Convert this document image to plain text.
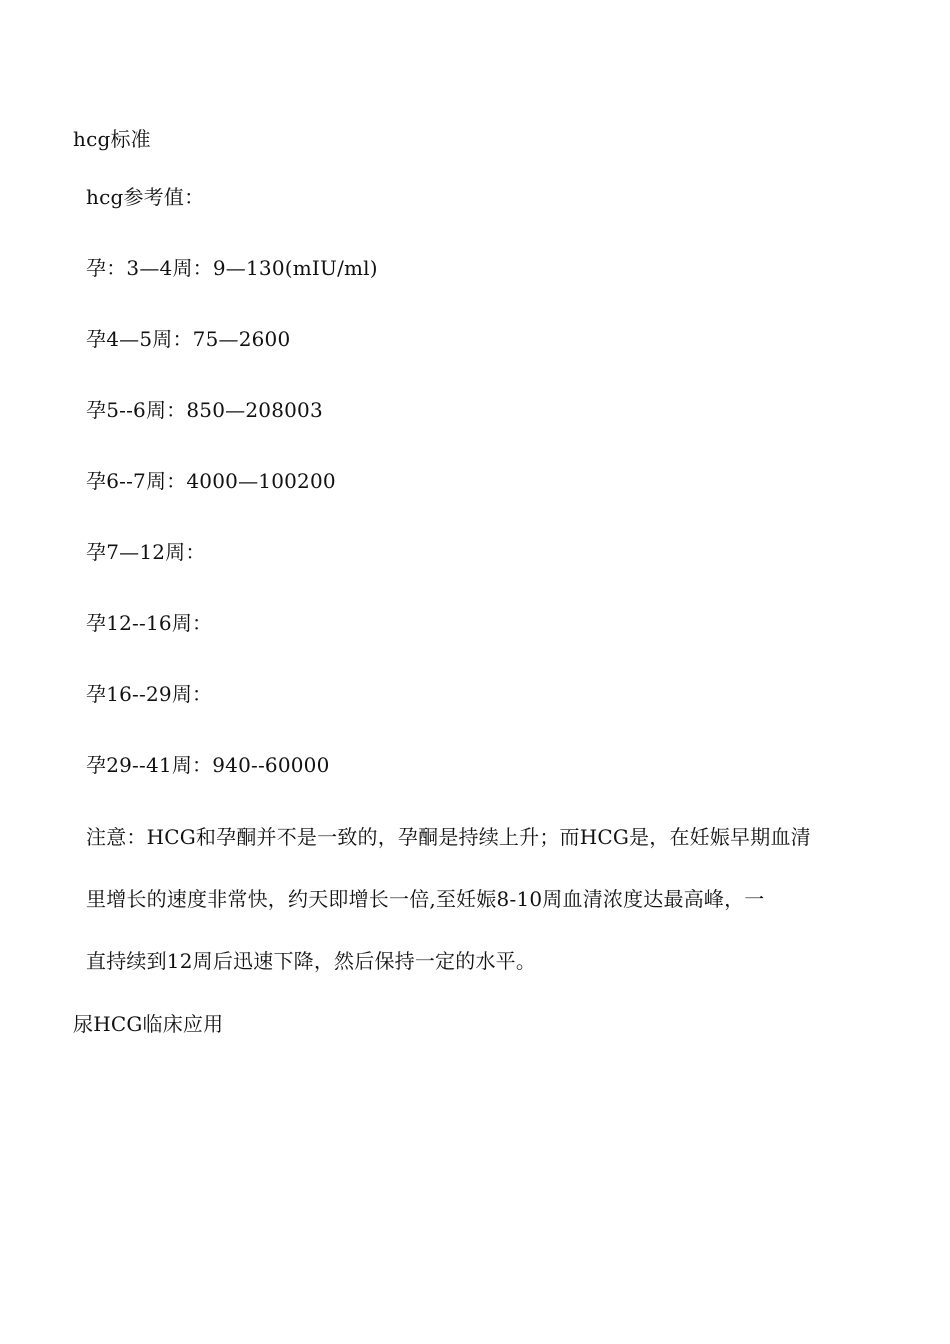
hcg标准
hcg参考值：
孕：3—4周：9—130(mIU/ml)
孕4—5周：75—2600
孕5--6周：850—208003
孕6--7周：4000—100200
孕7—12周：
孕12--16周：
孕16--29周：
孕29--41周：940--60000
注意：HCG和孕酮并不是一致的，孕酮是持续上升；而HCG是，在妊娠早期血清
里增长的速度非常快，约天即增长一倍,至妊娠8-10周血清浓度达最高峰，一
直持续到12周后迅速下降，然后保持一定的水平。
尿HCG临床应用
